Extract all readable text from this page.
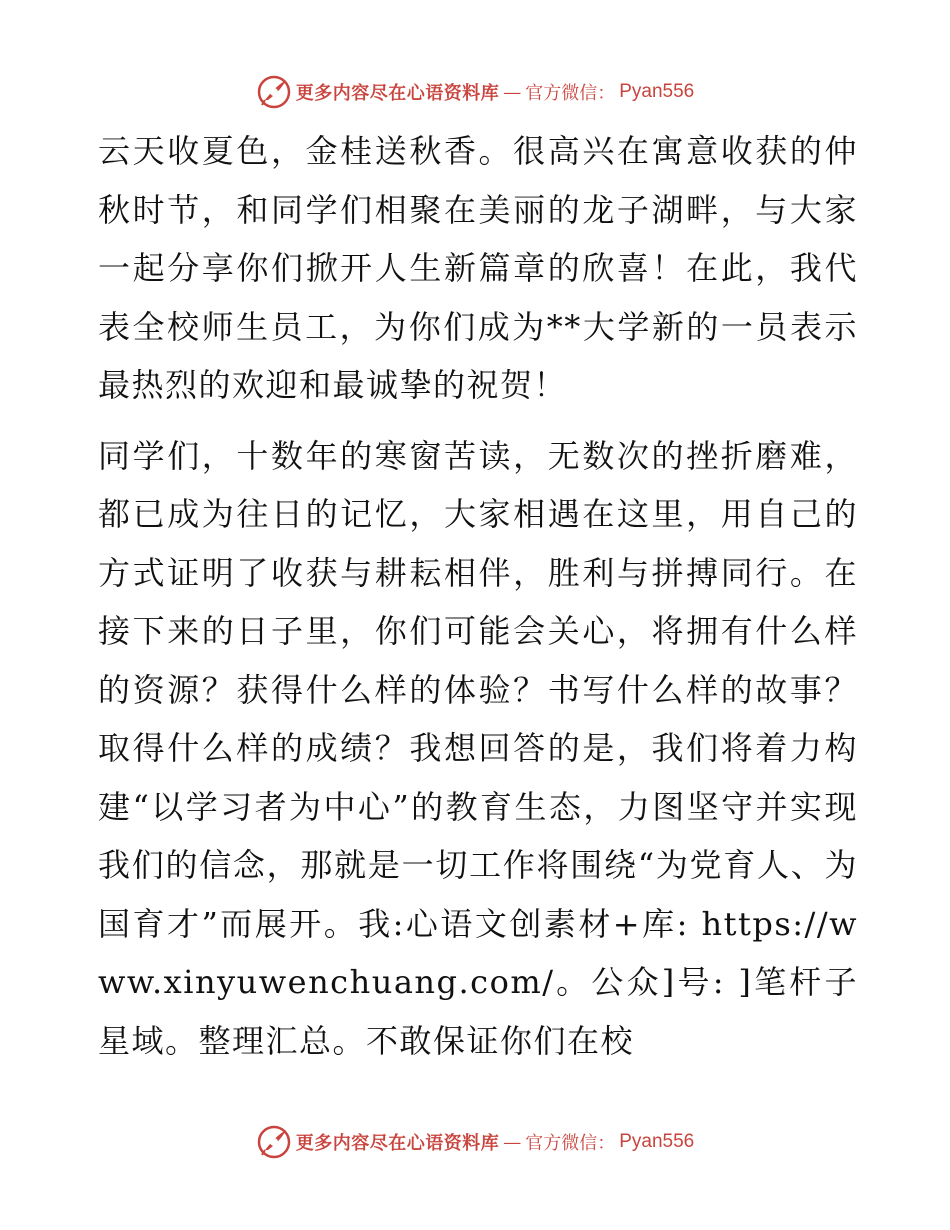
更多内容尽在心语资料库 — 官方微信： Pyan556

云天收夏色，金桂送秋香。很高兴在寓意收获的仲秋时节，和同学们相聚在美丽的龙子湖畔，与大家一起分享你们掀开人生新篇章的欣喜！在此，我代表全校师生员工，为你们成为**大学新的一员表示最热烈的欢迎和最诚挚的祝贺！

同学们，十数年的寒窗苦读，无数次的挫折磨难，都已成为往日的记忆，大家相遇在这里，用自己的方式证明了收获与耕耘相伴，胜利与拼搏同行。在接下来的日子里，你们可能会关心，将拥有什么样的资源？获得什么样的体验？书写什么样的故事？取得什么样的成绩？我想回答的是，我们将着力构建“以学习者为中心”的教育生态，力图坚守并实现我们的信念，那就是一切工作将围绕“为党育人、为国育才”而展开。我:心语文创素材+库: https://www.xinyuwenchuang.com/。公众]号: ]笔杆子星域。整理汇总。不敢保证你们在校

更多内容尽在心语资料库 — 官方微信： Pyan556
